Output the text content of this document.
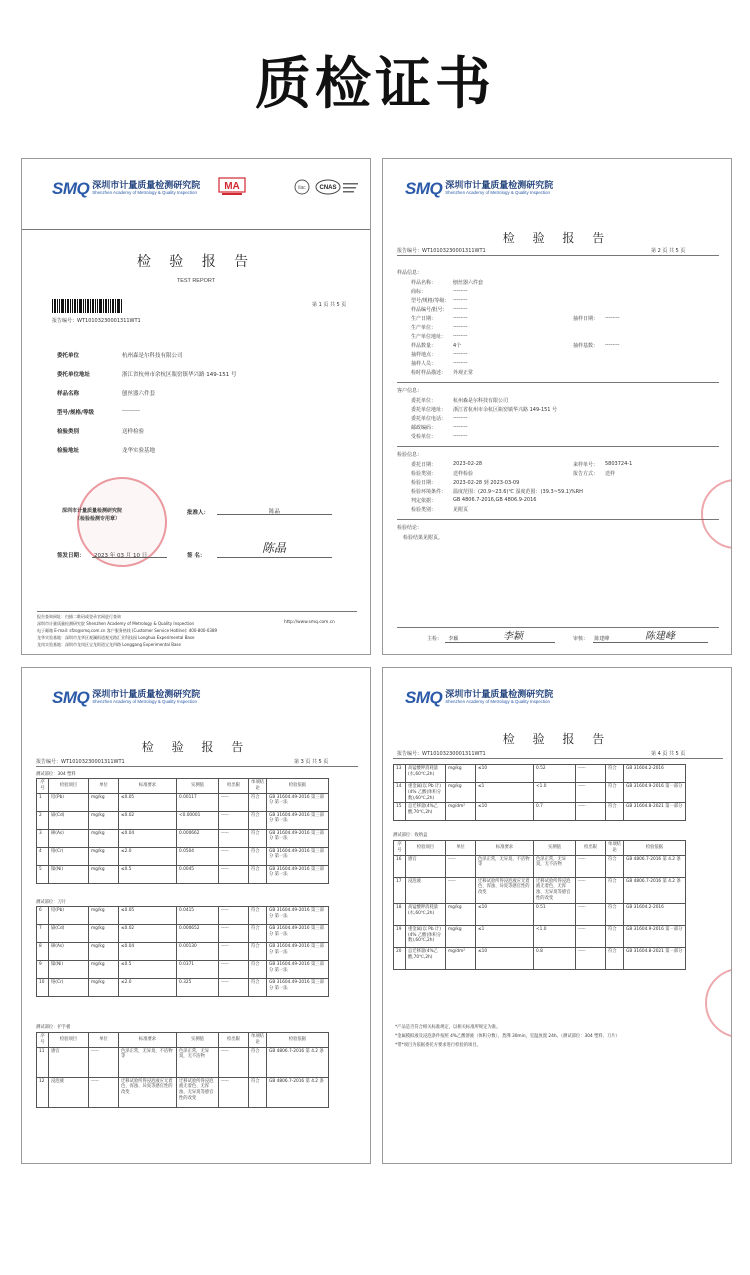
质检证书
SMQ 深圳市计量质量检测研究院
Shenzhen Academy of Metrology & Quality Inspection
MA	ilac CNAS
检 验 报 告
TEST REPORT
报告编号：WT10103230001311WT1
第 1 页 共 5 页
委托单位	杭州森是尔科技有限公司
委托单位地址	浙江省杭州市余杭区瓶窑镇华兴路 149-151 号
样品名称	刨丝器六件套
型号/规格/等级	---------
检验类别	送样检验
检验地址	龙华实验基地
深圳市计量质量检测研究院
（检验检测专用章）
批准人：	陈晶
签发日期： 2023 年 03 月 10 日	签 名：
陈晶
报告查询网址：扫描二维码或登录官网进行查询
深圳市计量质量检测研究院 Shenzhen Academy of Metrology & Quality Inspection
电子邮箱 E-mail: sfzs@smq.com.cn 客户服务热线 (Customer Service Hotline): 400-800-0389
龙华实验基地：深圳市龙华区观澜街道观光路汇业科技园 Longhua Experimental Base
龙岗实验基地：深圳市龙岗区宝龙街道宝龙四路 Longgang Experimental Base
http://www.smq.com.cn
SMQ 深圳市计量质量检测研究院
Shenzhen Academy of Metrology & Quality Inspection
检 验 报 告
报告编号：WT10103230001311WT1	第 2 页 共 5 页
样品信息：
样品名称：	刨丝器六件套
商标：	--------
型号/规格/等级： --------
样品编号/批号： --------
生产日期：	--------
生产单位：	--------
生产单位地址： --------
样品数量：	4个
抽样地点：	--------
抽样人员：	--------
检时样品描述： 外观正常
抽样日期： --------
抽样基数： --------
客户信息：
委托单位：	杭州森是尔科技有限公司
委托单位地址： 浙江省杭州市余杭区瓶窑镇华兴路 149-151 号
委托单位电话： --------
邮政编码：	--------
受检单位：	--------
检验信息：
委托日期：	2023-02-28
检验类别：	送样检验
检验日期：	2023-02-28 到 2023-03-09
检验环境条件： 温度范围：(20.9~23.6)℃ 湿度范围：(39.3~59.1)%RH
判定依据：	GB 4806.7-2016,GB 4806.9-2016
检验类别：	见附页
来样单号： 5803724-1
报告方式： 送样
检验结论：
检验结果见附页。
主检： 李颖	李颖	审核： 陈建峰	陈建峰
SMQ 深圳市计量质量检测研究院
Shenzhen Academy of Metrology & Quality Inspection
检 验 报 告
报告编号：WT10103230001311WT1	第 3 页 共 5 页
测试部位：304 塑料
序号	检验项目	单位	标准要求	实测值	检出限	单项结论	检验依据
1	铅(Pb)	mg/kg	≤0.05	0.00117	-----	符合	GB 31604.49-2016 第三部分 第一法
2	镉(Cd)	mg/kg	≤0.02	<0.00001	-----	符合	GB 31604.49-2016 第三部分 第一法
3	砷(As)	mg/kg	≤0.04	0.000662	-----	符合	GB 31604.49-2016 第三部分 第一法
4	铬(Cr)	mg/kg	≤2.0	0.0504	-----	符合	GB 31604.49-2016 第三部分 第一法
5	镍(Ni)	mg/kg	≤0.5	0.0045	-----	符合	GB 31604.49-2016 第三部分 第一法
测试部位：刀片
6	铅(Pb)	mg/kg	≤0.05	0.0415	-----	符合	GB 31604.49-2016 第三部分 第一法
7	镉(Cd)	mg/kg	≤0.02	0.000652	-----	符合	GB 31604.49-2016 第三部分 第一法
8	砷(As)	mg/kg	≤0.04	0.00130	-----	符合	GB 31604.49-2016 第三部分 第一法
9	镍(Ni)	mg/kg	≤0.5	0.0371	-----	符合	GB 31604.49-2016 第三部分 第一法
10	铬(Cr)	mg/kg	≤2.0	0.325	-----	符合	GB 31604.49-2016 第三部分 第一法
测试部位：护手板
序号	检验项目	单位	标准要求	实测值	检出限	单项结论	检验依据
11	感官	-----	色泽正常，无异臭、不洁物等	色泽正常，无异臭，无不洁物	-----	符合	GB 4806.7-2016 第 4.2 条
12	浸泡液	-----	迁移试验所得浸泡液应无着色、浑浊、异臭等感官性的改变	迁移试验所得浸泡液无着色、无浑浊、无异臭等感官性的改变	-----	符合	GB 4806.7-2016 第 4.2 条
SMQ 深圳市计量质量检测研究院
Shenzhen Academy of Metrology & Quality Inspection
检 验 报 告
报告编号：WT10103230001311WT1	第 4 页 共 5 页
13	高锰酸钾消耗量(水,60℃,2h)	mg/kg	≤10	0.52	-----	符合	GB 31604.2-2016
14	重金属(以 Pb 计)(4% 乙酸(体积分数),60℃,2h)	mg/kg	≤1	<1.0	-----	符合	GB 31604.9-2016 第一部分
15	总迁移量(4%乙酸,70℃,2h)	mg/dm²	≤10	0.7	-----	符合	GB 31604.8-2021 第一部分
测试部位：收纳盒
序号	检验项目	单位	标准要求	实测值	检出限	单项结论	检验依据
16	感官	-----	色泽正常，无异臭、不洁物等	色泽正常，无异臭，无不洁物	-----	符合	GB 4806.7-2016 第 4.2 条
17	浸泡液	-----	迁移试验所得浸泡液应无着色、浑浊、异臭等感官性的改变	迁移试验所得浸泡液无着色、无浑浊、无异臭等感官性的改变	-----	符合	GB 4806.7-2016 第 4.2 条
18	高锰酸钾消耗量(水,60℃,2h)	mg/kg	≤10	0.51	-----	符合	GB 31604.2-2016
19	重金属(以 Pb 计)(4% 乙酸(体积分数),60℃,2h)	mg/kg	≤1	<1.0	-----	符合	GB 31604.9-2016 第一部分
20	总迁移量(4%乙酸,70℃,2h)	mg/dm²	≤10	0.8	-----	符合	GB 31604.8-2021 第一部分
*产品是否符合相关标准规定，以相关标准所规定为准。
*金属模拟液及浸泡条件按照 4%乙酸溶液（体积分数），煮沸 30min，室温放置 24h。（测试部位：304 塑料、刀片）
*带*项目为依据委托方要求进行检验的项目。
